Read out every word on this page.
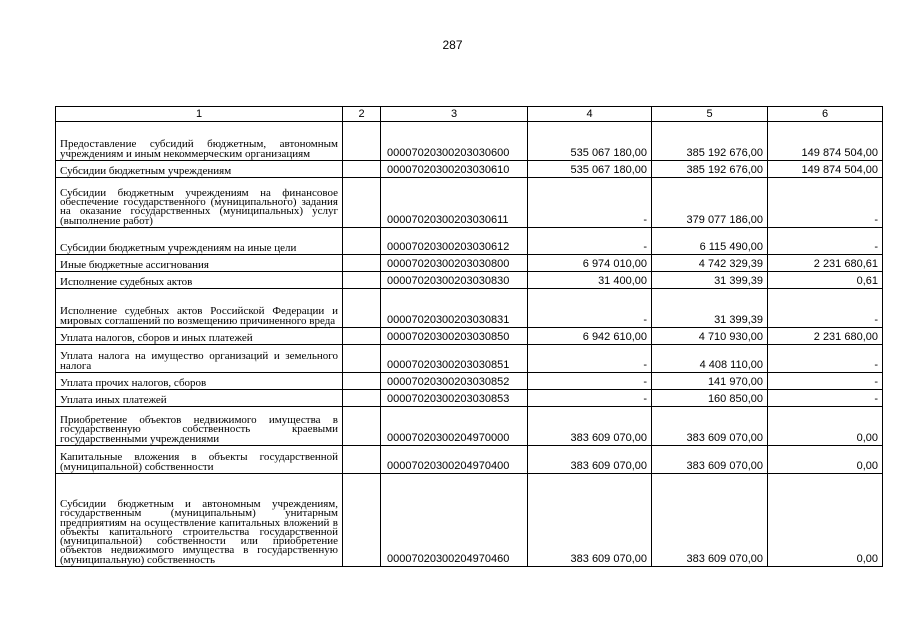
287
1	2	3	4	5	6
Предоставление субсидий бюджетным, автономным учреждениям и иным некоммерческим организациям		00007020300203030600	535 067 180,00	385 192 676,00	149 874 504,00
Субсидии бюджетным учреждениям		00007020300203030610	535 067 180,00	385 192 676,00	149 874 504,00
Субсидии бюджетным учреждениям на финансовое обеспечение государственного (муниципального) задания на оказание государственных (муниципальных) услуг (выполнение работ)		00007020300203030611	-	379 077 186,00	-
Субсидии бюджетным учреждениям на иные цели		00007020300203030612	-	6 115 490,00	-
Иные бюджетные ассигнования		00007020300203030800	6 974 010,00	4 742 329,39	2 231 680,61
Исполнение судебных актов		00007020300203030830	31 400,00	31 399,39	0,61
Исполнение судебных актов Российской Федерации и мировых соглашений по возмещению причиненного вреда		00007020300203030831	-	31 399,39	-
Уплата налогов, сборов и иных платежей		00007020300203030850	6 942 610,00	4 710 930,00	2 231 680,00
Уплата налога на имущество организаций и земельного налога		00007020300203030851	-	4 408 110,00	-
Уплата прочих налогов, сборов		00007020300203030852	-	141 970,00	-
Уплата иных платежей		00007020300203030853	-	160 850,00	-
Приобретение объектов недвижимого имущества в государственную собственность краевыми государственными учреждениями		00007020300204970000	383 609 070,00	383 609 070,00	0,00
Капитальные вложения в объекты государственной (муниципальной) собственности		00007020300204970400	383 609 070,00	383 609 070,00	0,00
Субсидии бюджетным и автономным учреждениям, государственным (муниципальным) унитарным предприятиям на осуществление капитальных вложений в объекты капитального строительства государственной (муниципальной) собственности или приобретение объектов недвижимого имущества в государственную (муниципальную) собственность		00007020300204970460	383 609 070,00	383 609 070,00	0,00
